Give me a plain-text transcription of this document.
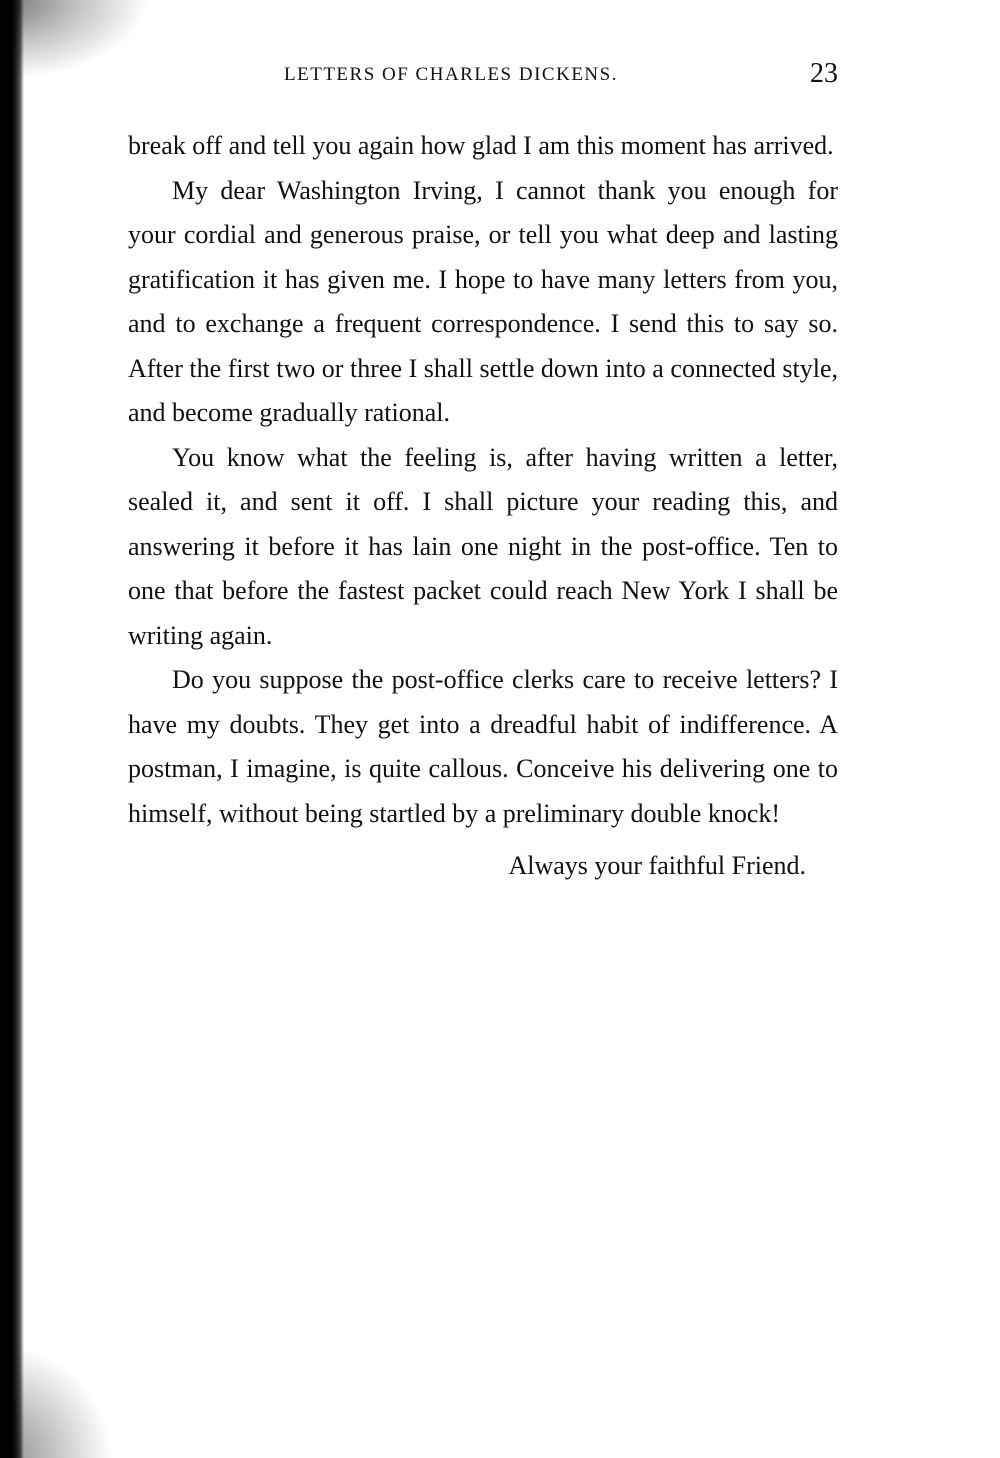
LETTERS OF CHARLES DICKENS.	23

break off and tell you again how glad I am this moment has arrived.

My dear Washington Irving, I cannot thank you enough for your cordial and generous praise, or tell you what deep and lasting gratification it has given me. I hope to have many letters from you, and to exchange a frequent correspondence. I send this to say so. After the first two or three I shall settle down into a connected style, and become gradually rational.

You know what the feeling is, after having written a letter, sealed it, and sent it off. I shall picture your reading this, and answering it before it has lain one night in the post-office. Ten to one that before the fastest packet could reach New York I shall be writing again.

Do you suppose the post-office clerks care to receive letters? I have my doubts. They get into a dreadful habit of indifference. A postman, I imagine, is quite callous. Conceive his delivering one to himself, without being startled by a preliminary double knock!

Always your faithful Friend.
